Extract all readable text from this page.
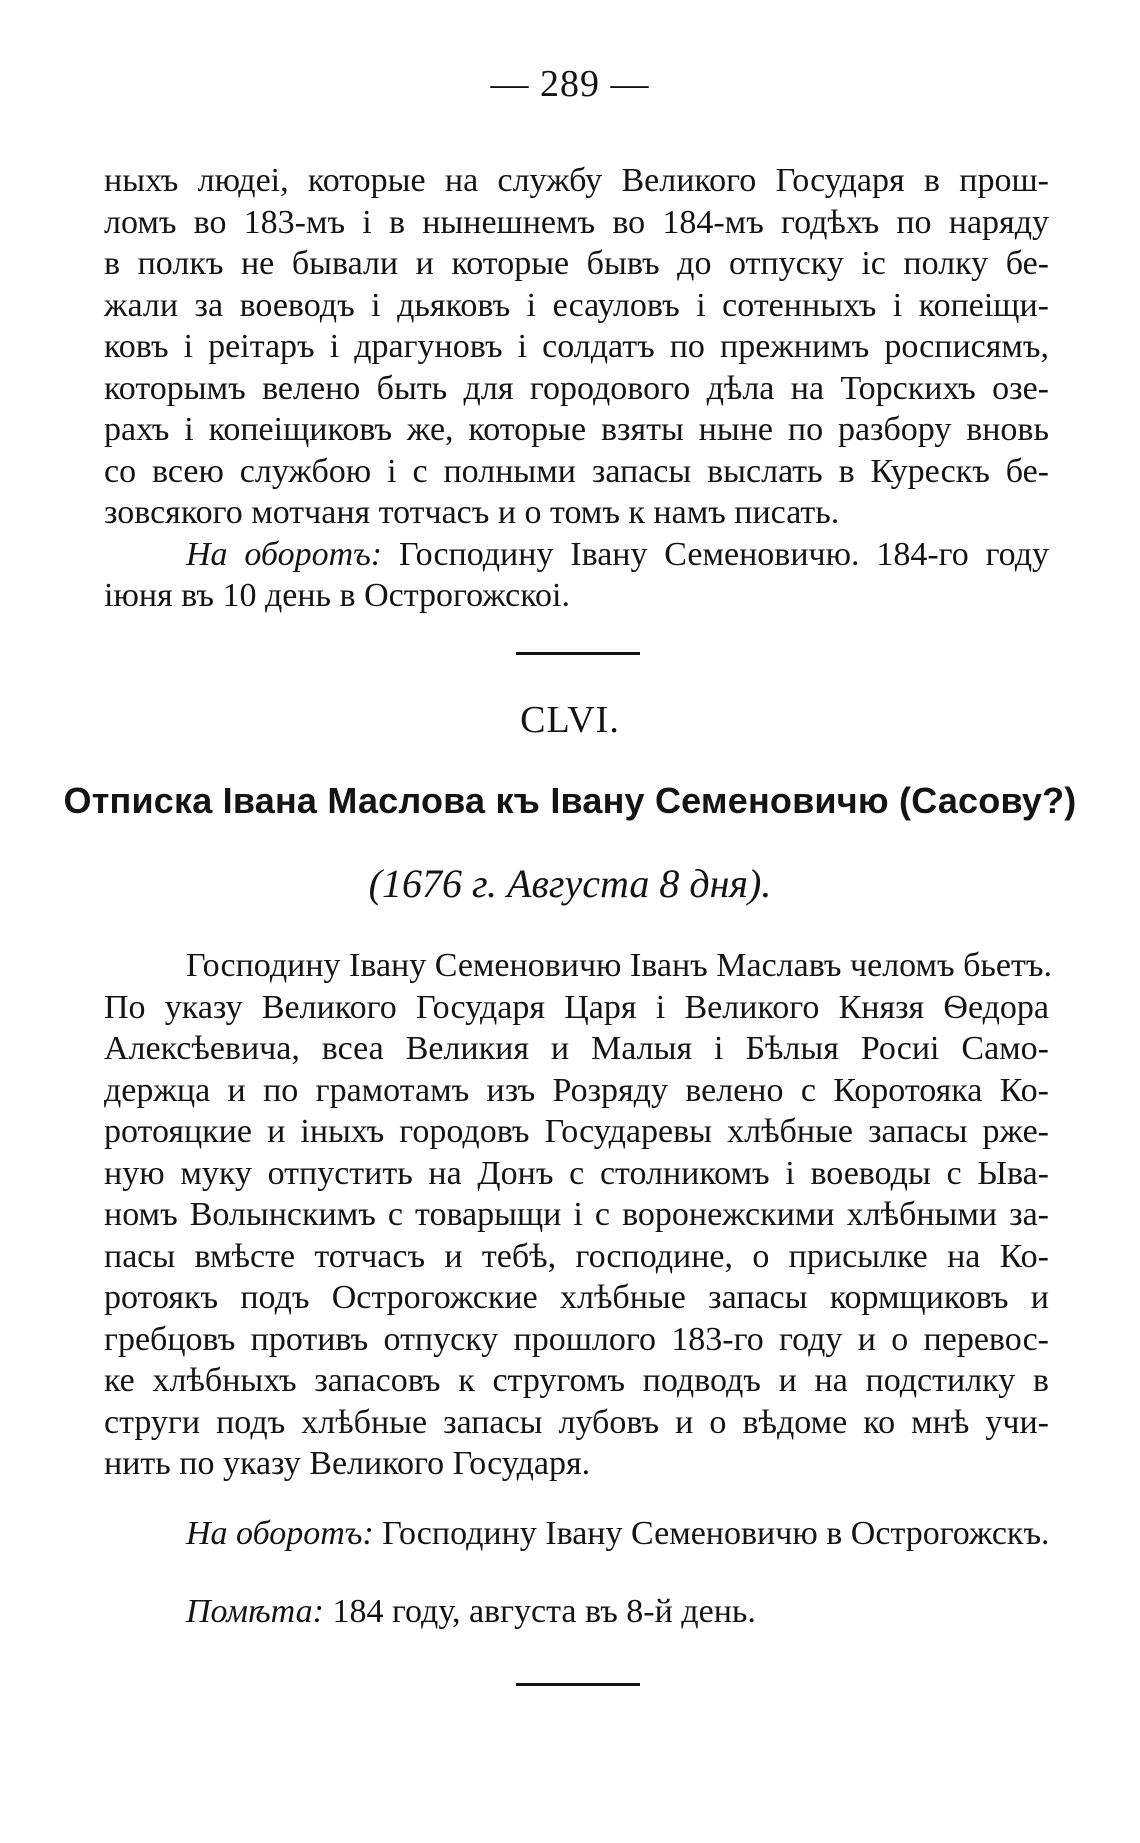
— 289 —
ныхъ людеі, которые на службу Великого Государя в прош-
ломъ во 183-мъ і в нынешнемъ во 184-мъ годѣхъ по наряду
в полкъ не бывали и которые бывъ до отпуску іс полку бе-
жали за воеводъ і дьяковъ і есауловъ і сотенныхъ і копеіщи-
ковъ і реітаръ і драгуновъ і солдатъ по прежнимъ росписямъ,
которымъ велено быть для городового дѣла на Торскихъ озе-
рахъ і копеіщиковъ же, которые взяты ныне по разбору вновь
со всею службою і с полными запасы выслать в Курескъ бе-
зовсякого мотчаня тотчасъ и о томъ к намъ писать.
На оборотъ: Господину Івану Семеновичю. 184-го году
іюня въ 10 день в Острогожскоі.
CLVI.
Отписка Івана Маслова къ Івану Семеновичю (Сасову?)
(1676 г. Августа 8 дня).
Господину Івану Семеновичю Іванъ Маславъ челомъ бьетъ.
По указу Великого Государя Царя і Великого Князя Ѳедора
Алексѣевича, всеа Великия и Малыя і Бѣлыя Росиі Само-
держца и по грамотамъ изъ Розряду велено с Коротояка Ко-
ротояцкие и іныхъ городовъ Государевы хлѣбные запасы рже-
ную муку отпустить на Донъ с столникомъ і воеводы с Ыва-
номъ Волынскимъ с товарыщи і с воронежскими хлѣбными за-
пасы вмѣсте тотчасъ и тебѣ, господине, о присылке на Ко-
ротоякъ подъ Острогожские хлѣбные запасы кормщиковъ и
гребцовъ противъ отпуску прошлого 183-го году и о перевос-
ке хлѣбныхъ запасовъ к стругомъ подводъ и на подстилку в
струги подъ хлѣбные запасы лубовъ и о вѣдоме ко мнѣ учи-
нить по указу Великого Государя.
На оборотъ: Господину Івану Семеновичю в Острогожскъ.
Помѣта: 184 году, августа въ 8-й день.
